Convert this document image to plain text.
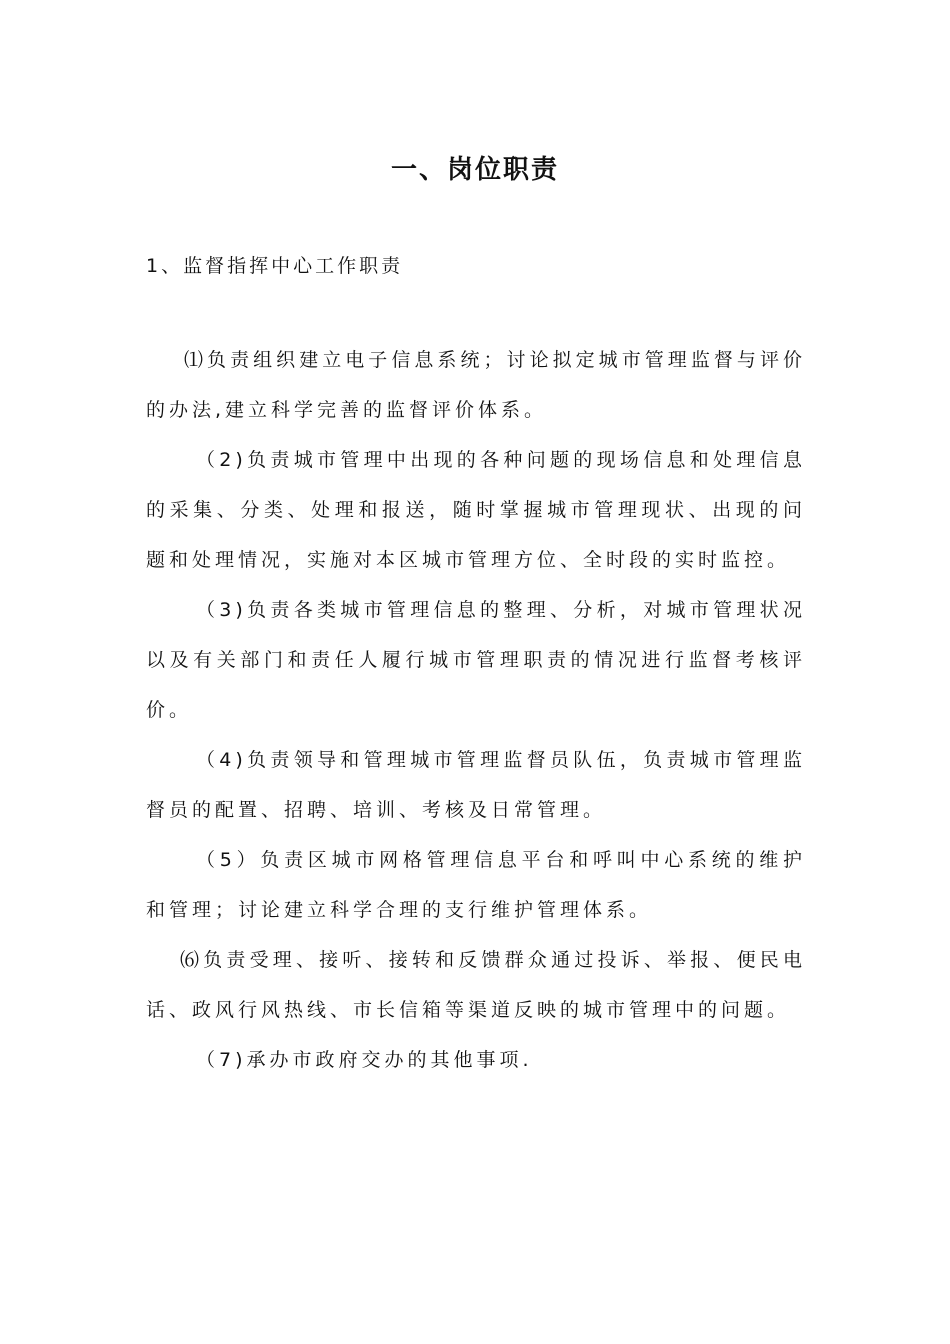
一、岗位职责
1、监督指挥中心工作职责

⑴负责组织建立电子信息系统；讨论拟定城市管理监督与评价的办法,建立科学完善的监督评价体系。

（2)负责城市管理中出现的各种问题的现场信息和处理信息的采集、分类、处理和报送，随时掌握城市管理现状、出现的问题和处理情况，实施对本区城市管理方位、全时段的实时监控。

（3)负责各类城市管理信息的整理、分析，对城市管理状况以及有关部门和责任人履行城市管理职责的情况进行监督考核评价。

（4)负责领导和管理城市管理监督员队伍，负责城市管理监督员的配置、招聘、培训、考核及日常管理。

（5）负责区城市网格管理信息平台和呼叫中心系统的维护和管理；讨论建立科学合理的支行维护管理体系。

⑹负责受理、接听、接转和反馈群众通过投诉、举报、便民电话、政风行风热线、市长信箱等渠道反映的城市管理中的问题。

（7)承办市政府交办的其他事项.
